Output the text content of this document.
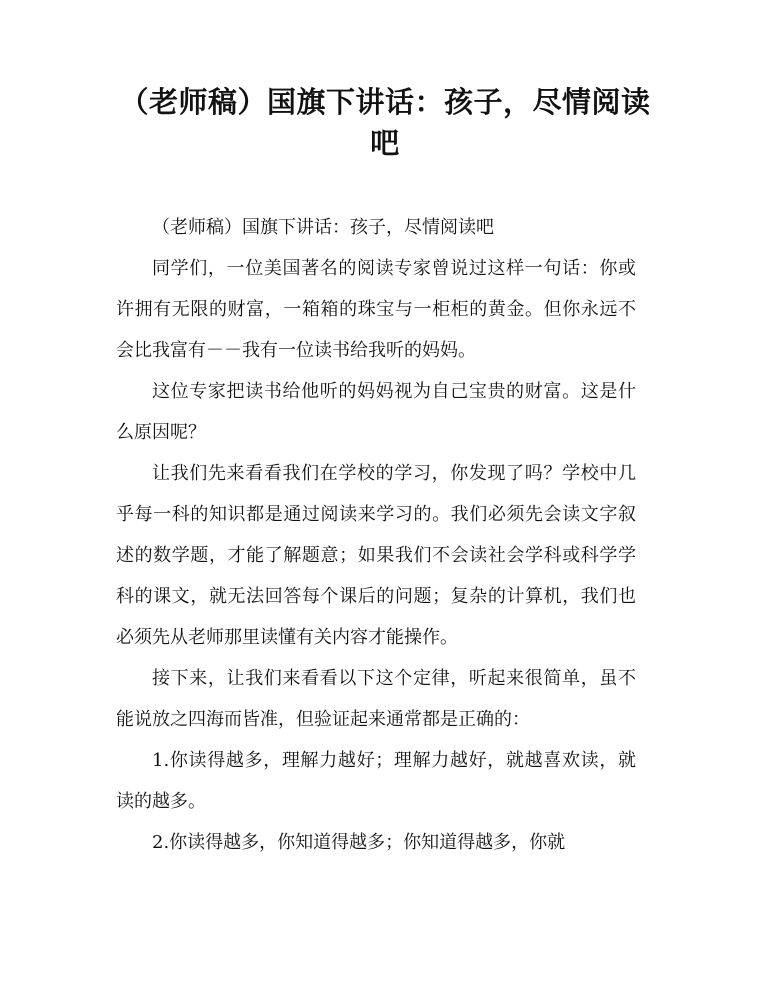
（老师稿）国旗下讲话：孩子，尽情阅读吧

（老师稿）国旗下讲话：孩子，尽情阅读吧

同学们，一位美国著名的阅读专家曾说过这样一句话：你或许拥有无限的财富，一箱箱的珠宝与一柜柜的黄金。但你永远不会比我富有－－我有一位读书给我听的妈妈。

这位专家把读书给他听的妈妈视为自己宝贵的财富。这是什么原因呢？

让我们先来看看我们在学校的学习，你发现了吗？学校中几乎每一科的知识都是通过阅读来学习的。我们必须先会读文字叙述的数学题，才能了解题意；如果我们不会读社会学科或科学学科的课文，就无法回答每个课后的问题；复杂的计算机，我们也必须先从老师那里读懂有关内容才能操作。

接下来，让我们来看看以下这个定律，听起来很简单，虽不能说放之四海而皆准，但验证起来通常都是正确的：

1.你读得越多，理解力越好；理解力越好，就越喜欢读，就读的越多。

2.你读得越多，你知道得越多；你知道得越多，你就
